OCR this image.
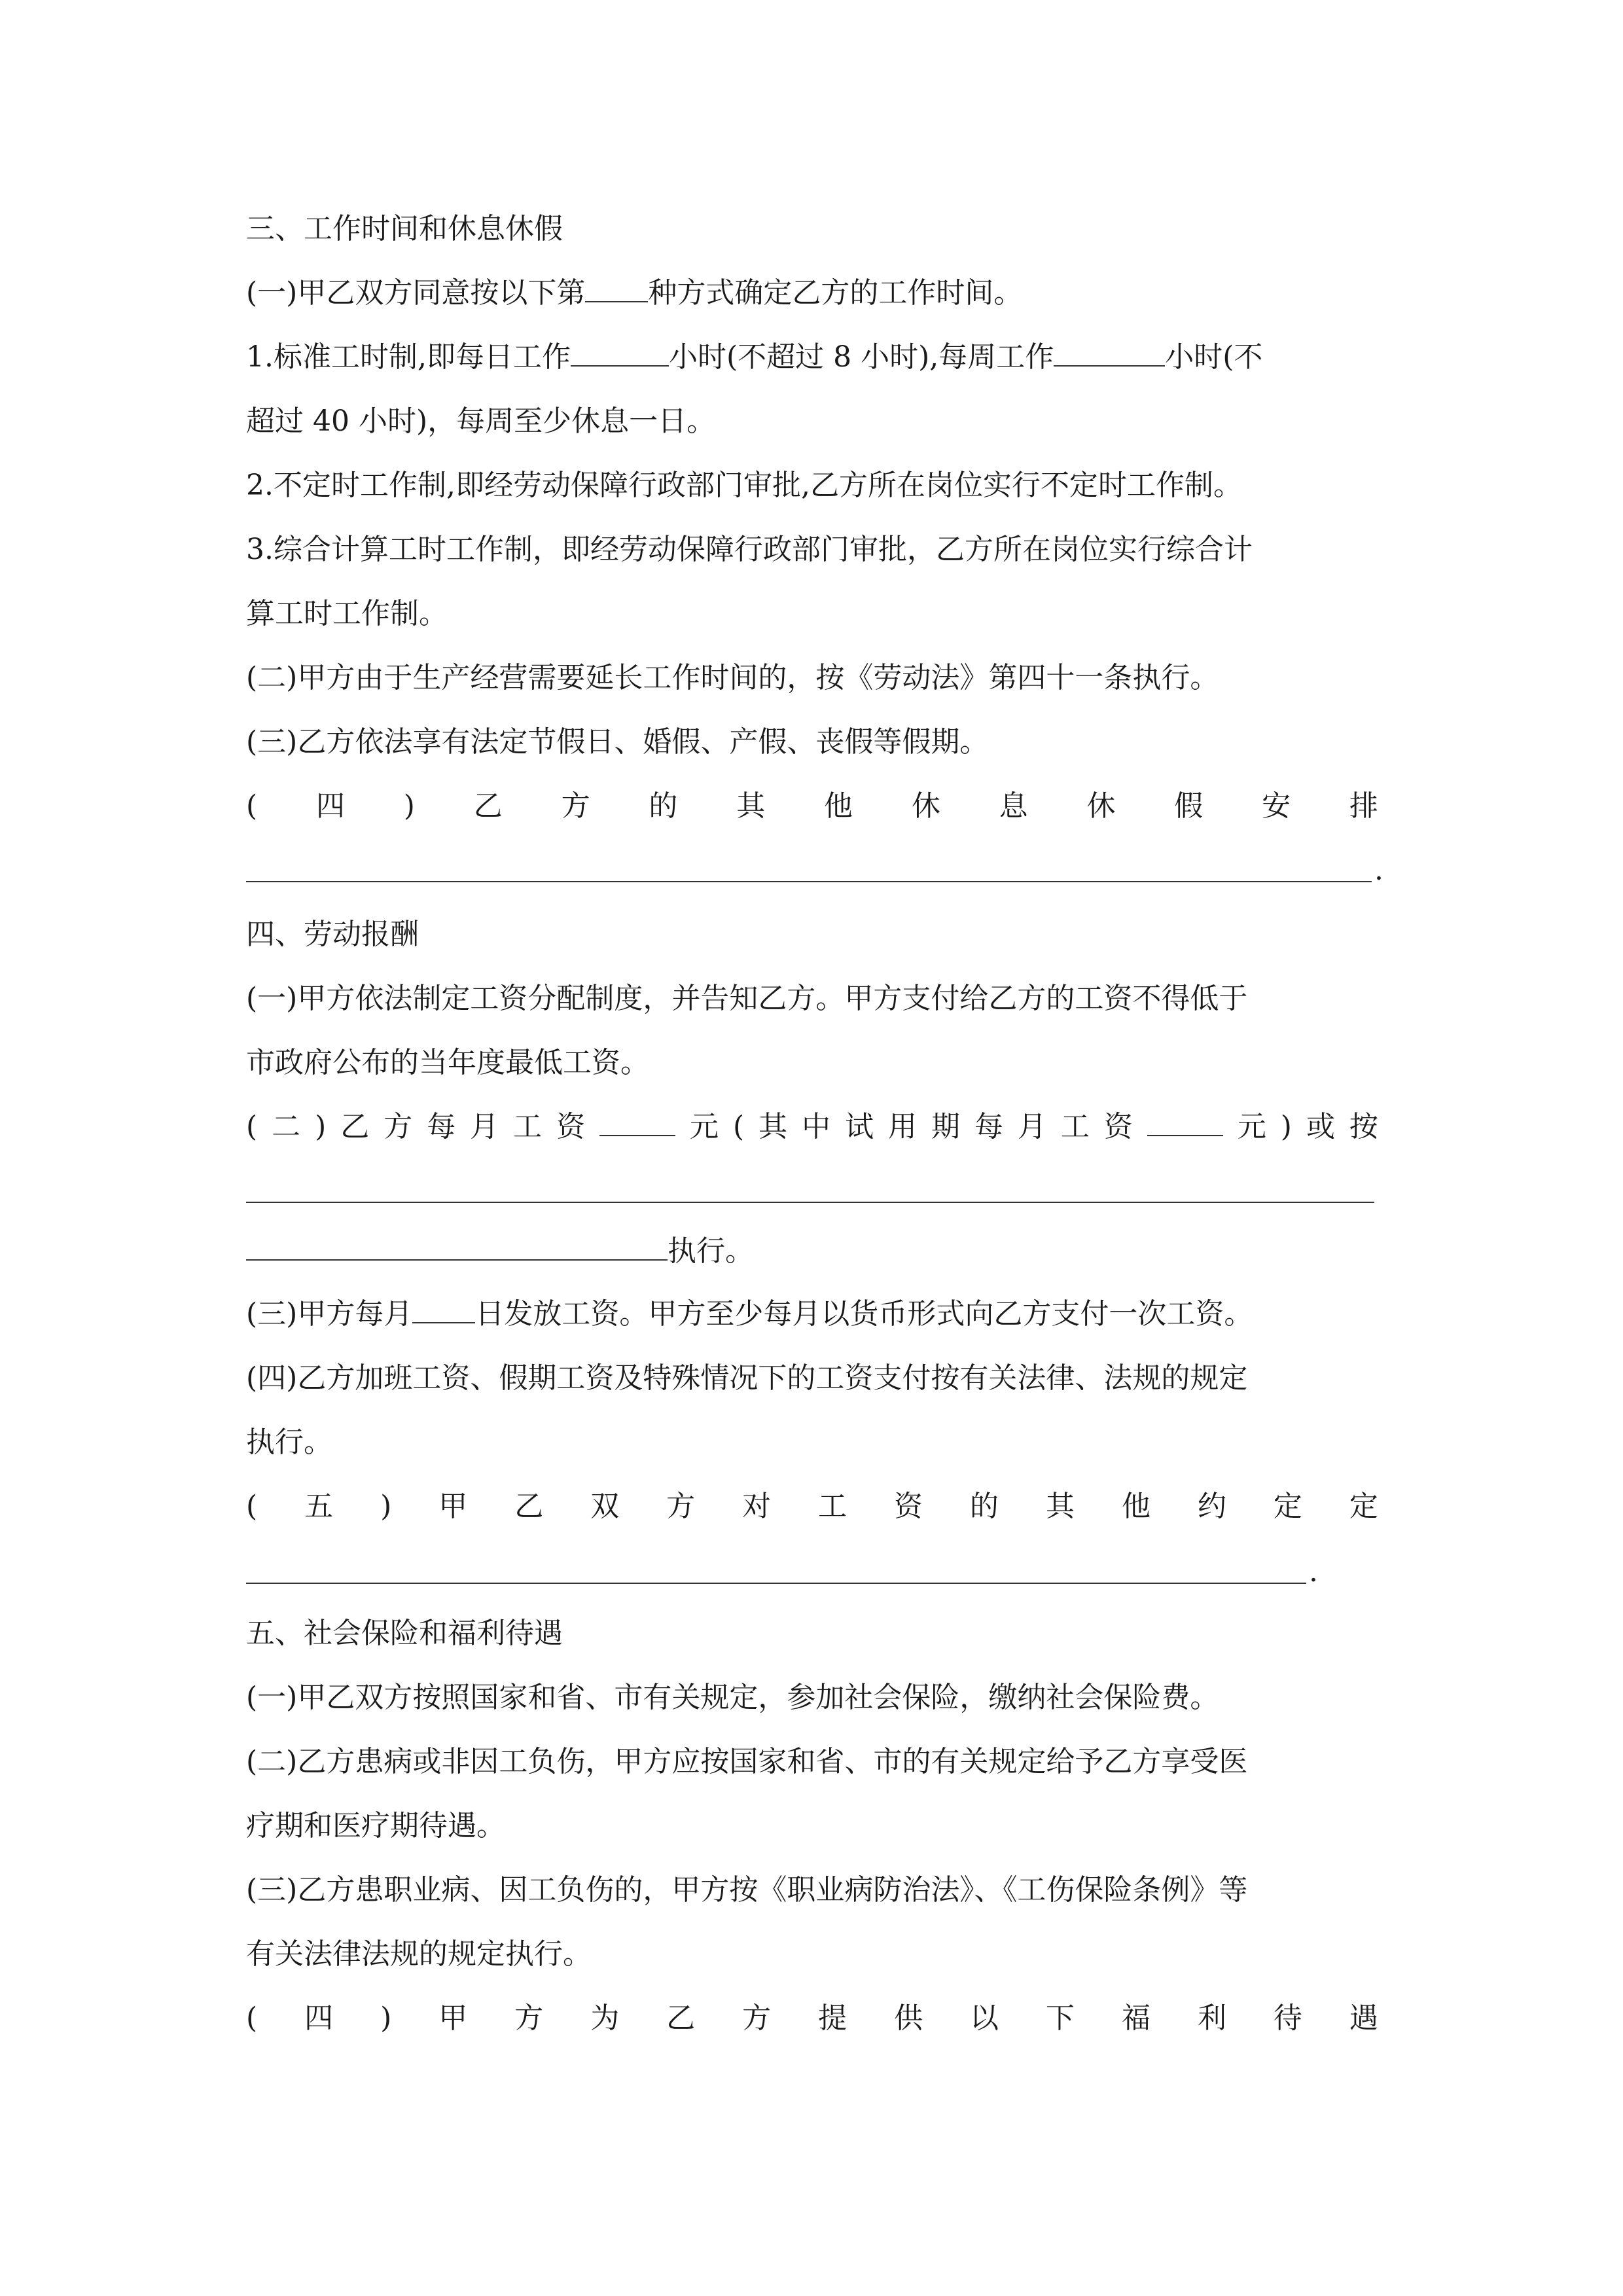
三、工作时间和休息休假
(一)甲乙双方同意按以下第 种方式确定乙方的工作时间。
1.标准工时制,即每日工作	小时(不超过 8 小时),每周工作	小时(不
超过 40 小时)，每周至少休息一日。
2.不定时工作制,即经劳动保障行政部门审批,乙方所在岗位实行不定时工作制。
3.综合计算工时工作制，即经劳动保障行政部门审批，乙方所在岗位实行综合计
算工时工作制。
(二)甲方由于生产经营需要延长工作时间的，按《劳动法》第四十一条执行。
(三)乙方依法享有法定节假日、婚假、产假、丧假等假期。
( 四 ) 乙 方 的 其 他 休 息 休 假 安 排
.
四、劳动报酬
(一)甲方依法制定工资分配制度，并告知乙方。甲方支付给乙方的工资不得低于
市政府公布的当年度最低工资。
( 二 ) 乙 方 每 月 工 资	元 ( 其 中 试 用 期 每 月 工 资	元 ) 或 按
执行。
(三)甲方每月 日发放工资。甲方至少每月以货币形式向乙方支付一次工资。
(四)乙方加班工资、假期工资及特殊情况下的工资支付按有关法律、法规的规定
执行。
( 五 ) 甲 乙 双 方 对 工 资 的 其 他 约 定 定
.
五、社会保险和福利待遇
(一)甲乙双方按照国家和省、市有关规定，参加社会保险，缴纳社会保险费。
(二)乙方患病或非因工负伤，甲方应按国家和省、市的有关规定给予乙方享受医
疗期和医疗期待遇。
(三)乙方患职业病、因工负伤的，甲方按《职业病防治法》、《工伤保险条例》等
有关法律法规的规定执行。
( 四 ) 甲 方 为 乙 方 提 供 以 下 福 利 待 遇
